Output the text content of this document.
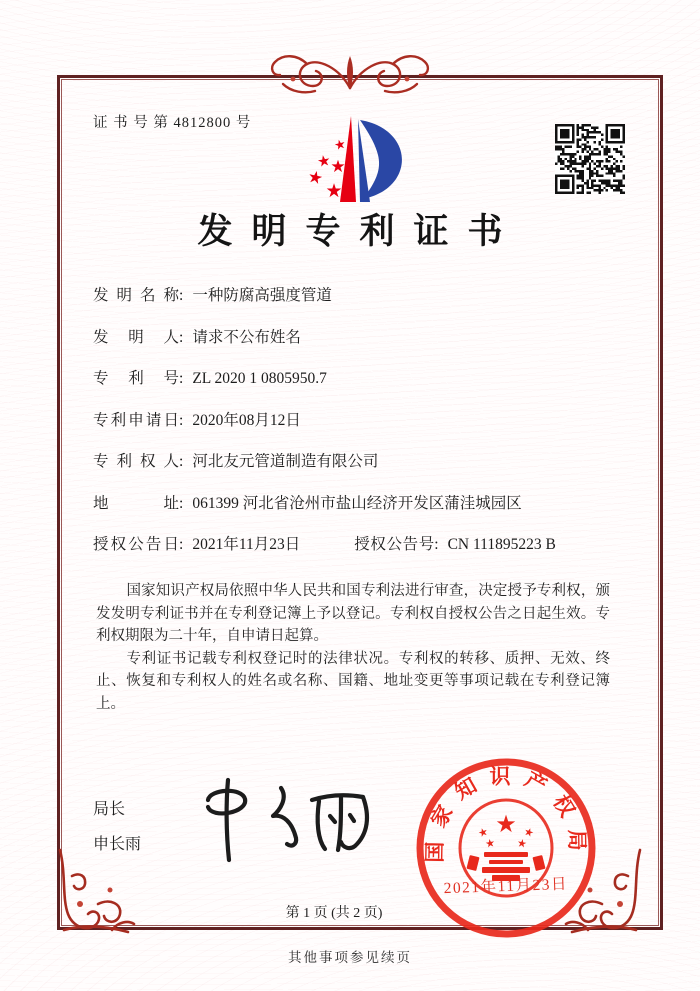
证 书 号 第 4812800 号
★
★
★
★
★
发明专利证书
发明名称: 一种防腐高强度管道
发明人: 请求不公布姓名
专利号: ZL 2020 1 0805950.7
专利申请日: 2020年08月12日
专利权人: 河北友元管道制造有限公司
地址: 061399 河北省沧州市盐山经济开发区蒲洼城园区
授权公告日: 2021年11月23日	授权公告号: CN 111895223 B

国家知识产权局依照中华人民共和国专利法进行审查，决定授予专利权，颁发发明专利证书并在专利登记簿上予以登记。专利权自授权公告之日起生效。专利权期限为二十年，自申请日起算。

专利证书记载专利权登记时的法律状况。专利权的转移、质押、无效、终止、恢复和专利权人的姓名或名称、国籍、地址变更等事项记载在专利登记簿上。

局长
申长雨	国家知识产权局
★
★	★
★ ★
2021年11月23日
第 1 页 (共 2 页)
其他事项参见续页
